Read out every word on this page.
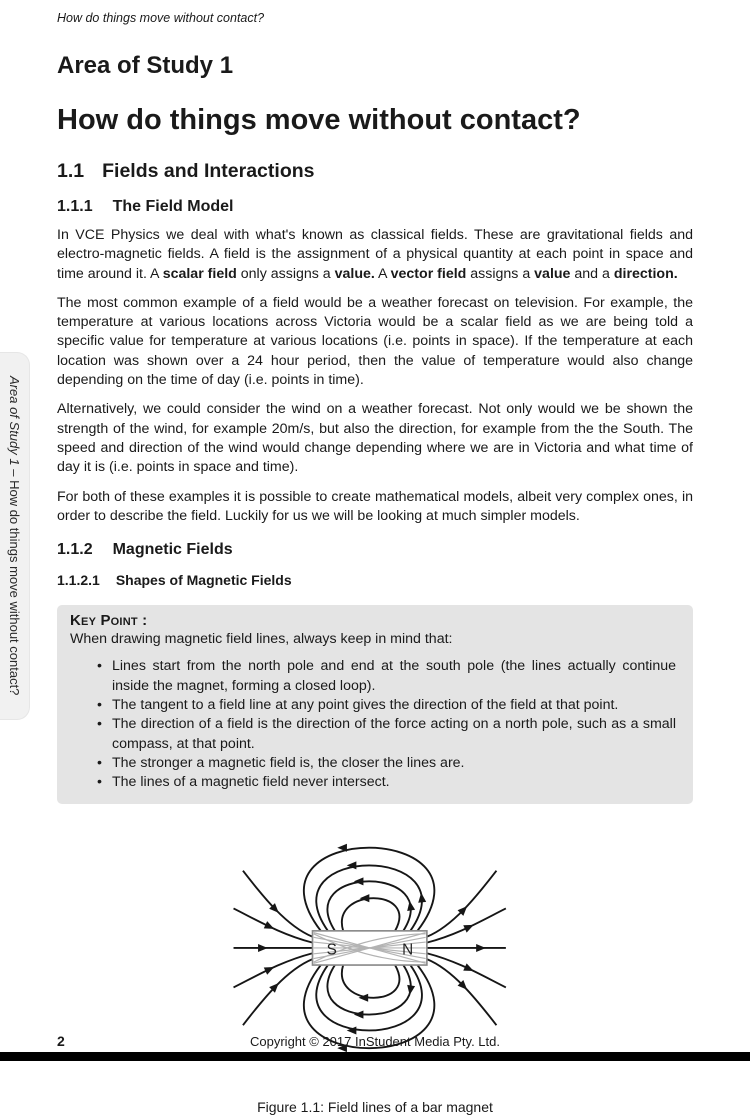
Area of Study 1 – How do things move without contact?
How do things move without contact?
Area of Study 1
How do things move without contact?
1.1 Fields and Interactions
1.1.1 The Field Model

In VCE Physics we deal with what's known as classical fields. These are gravitational fields and electro-magnetic fields. A field is the assignment of a physical quantity at each point in space and time around it. A scalar field only assigns a value. A vector field assigns a value and a direction.

The most common example of a field would be a weather forecast on television. For example, the temperature at various locations across Victoria would be a scalar field as we are being told a specific value for temperature at various locations (i.e. points in space). If the temperature at each location was shown over a 24 hour period, then the value of temperature would also change depending on the time of day (i.e. points in time).

Alternatively, we could consider the wind on a weather forecast. Not only would we be shown the strength of the wind, for example 20m/s, but also the direction, for example from the the South. The speed and direction of the wind would change depending where we are in Victoria and what time of day it is (i.e. points in space and time).

For both of these examples it is possible to create mathematical models, albeit very complex ones, in order to describe the field. Luckily for us we will be looking at much simpler models.

1.1.2 Magnetic Fields
1.1.2.1 Shapes of Magnetic Fields
Key Point :
When drawing magnetic field lines, always keep in mind that:
• Lines start from the north pole and end at the south pole (the lines actually continue inside the magnet, forming a closed loop).
• The tangent to a field line at any point gives the direction of the field at that point.
• The direction of a field is the direction of the force acting on a north pole, such as a small compass, at that point.
• The stronger a magnetic field is, the closer the lines are.
• The lines of a magnetic field never intersect.
S	N
Figure 1.1: Field lines of a bar magnet
2	Copyright © 2017 InStudent Media Pty. Ltd.
